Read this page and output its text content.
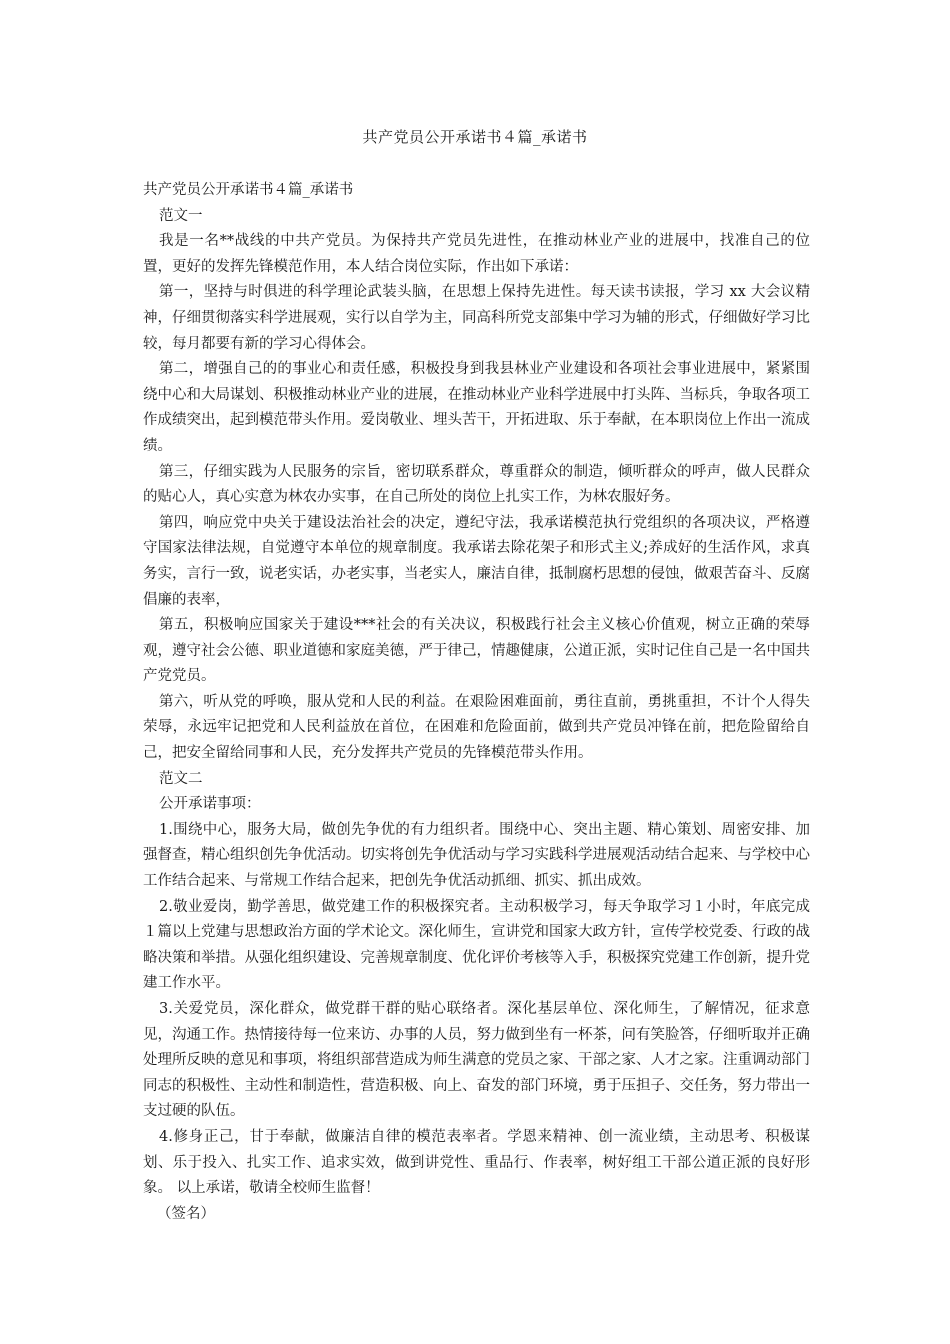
共产党员公开承诺书４篇_承诺书

共产党员公开承诺书４篇_承诺书

范文一

我是一名**战线的中共产党员。为保持共产党员先进性，在推动林业产业的进展中，找准自己的位置，更好的发挥先锋模范作用，本人结合岗位实际，作出如下承诺：

第一，坚持与时俱进的科学理论武装头脑，在思想上保持先进性。每天读书读报，学习 xx 大会议精神，仔细贯彻落实科学进展观，实行以自学为主，同高科所党支部集中学习为辅的形式，仔细做好学习比较，每月都要有新的学习心得体会。

第二，增强自己的的事业心和责任感，积极投身到我县林业产业建设和各项社会事业进展中，紧紧围绕中心和大局谋划、积极推动林业产业的进展，在推动林业产业科学进展中打头阵、当标兵，争取各项工作成绩突出，起到模范带头作用。爱岗敬业、埋头苦干，开拓进取、乐于奉献，在本职岗位上作出一流成绩。

第三，仔细实践为人民服务的宗旨，密切联系群众，尊重群众的制造，倾听群众的呼声，做人民群众的贴心人，真心实意为林农办实事，在自己所处的岗位上扎实工作，为林农服好务。

第四，响应党中央关于建设法治社会的决定，遵纪守法，我承诺模范执行党组织的各项决议，严格遵守国家法律法规，自觉遵守本单位的规章制度。我承诺去除花架子和形式主义;养成好的生活作风，求真务实，言行一致，说老实话，办老实事，当老实人，廉洁自律，抵制腐朽思想的侵蚀，做艰苦奋斗、反腐倡廉的表率，

第五，积极响应国家关于建设***社会的有关决议，积极践行社会主义核心价值观，树立正确的荣辱观，遵守社会公德、职业道德和家庭美德，严于律己，情趣健康，公道正派，实时记住自己是一名中国共产党党员。

第六，听从党的呼唤，服从党和人民的利益。在艰险困难面前，勇往直前，勇挑重担，不计个人得失荣辱，永远牢记把党和人民利益放在首位，在困难和危险面前，做到共产党员冲锋在前，把危险留给自己，把安全留给同事和人民，充分发挥共产党员的先锋模范带头作用。

范文二

公开承诺事项：

1.围绕中心，服务大局，做创先争优的有力组织者。围绕中心、突出主题、精心策划、周密安排、加强督查，精心组织创先争优活动。切实将创先争优活动与学习实践科学进展观活动结合起来、与学校中心工作结合起来、与常规工作结合起来，把创先争优活动抓细、抓实、抓出成效。

2.敬业爱岗，勤学善思，做党建工作的积极探究者。主动积极学习，每天争取学习１小时，年底完成１篇以上党建与思想政治方面的学术论文。深化师生，宣讲党和国家大政方针，宣传学校党委、行政的战略决策和举措。从强化组织建设、完善规章制度、优化评价考核等入手，积极探究党建工作创新，提升党建工作水平。

3.关爱党员，深化群众，做党群干群的贴心联络者。深化基层单位、深化师生，了解情况，征求意见，沟通工作。热情接待每一位来访、办事的人员，努力做到坐有一杯茶，问有笑脸答，仔细听取并正确处理所反映的意见和事项，将组织部营造成为师生满意的党员之家、干部之家、人才之家。注重调动部门同志的积极性、主动性和制造性，营造积极、向上、奋发的部门环境，勇于压担子、交任务，努力带出一支过硬的队伍。

4.修身正己，甘于奉献，做廉洁自律的模范表率者。学恩来精神、创一流业绩，主动思考、积极谋划、乐于投入、扎实工作、追求实效，做到讲党性、重品行、作表率，树好组工干部公道正派的良好形象。 以上承诺，敬请全校师生监督！

（签名）
